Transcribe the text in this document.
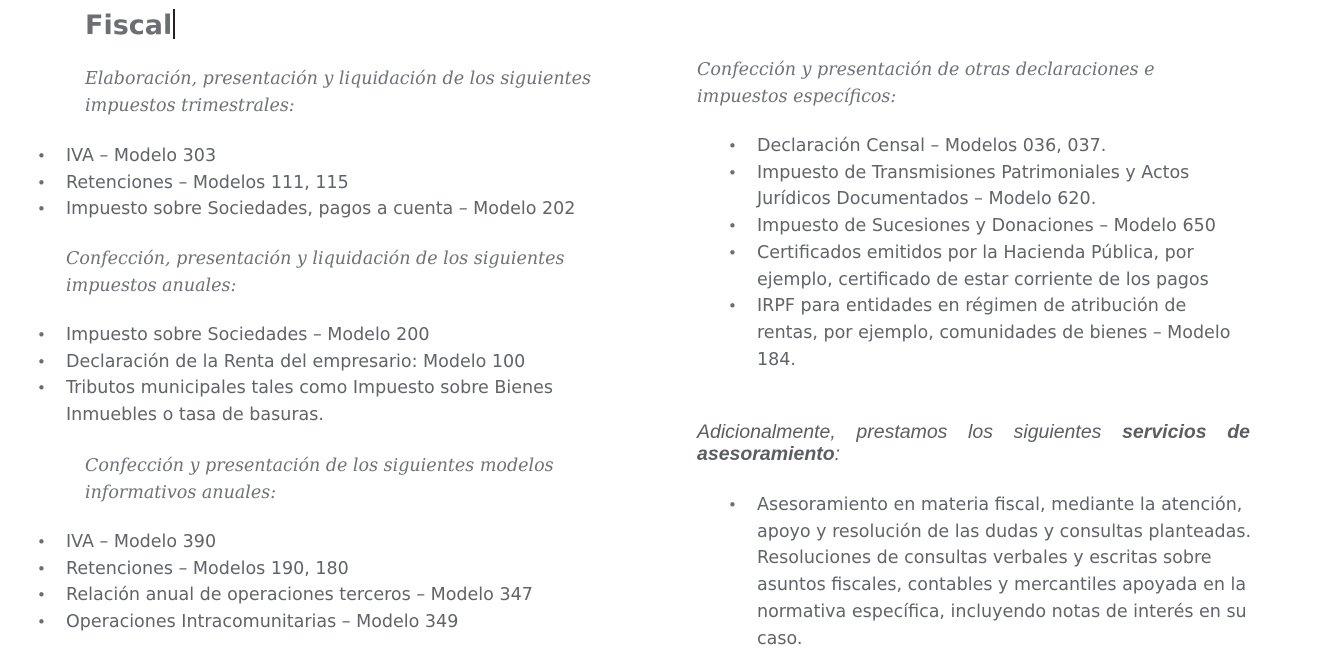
Fiscal

Elaboración, presentación y liquidación de los siguientes impuestos trimestrales:

• IVA – Modelo 303
• Retenciones – Modelos 111, 115
• Impuesto sobre Sociedades, pagos a cuenta – Modelo 202

Confección, presentación y liquidación de los siguientes impuestos anuales:

• Impuesto sobre Sociedades – Modelo 200
• Declaración de la Renta del empresario: Modelo 100
• Tributos municipales tales como Impuesto sobre Bienes Inmuebles o tasa de basuras.

Confección y presentación de los siguientes modelos informativos anuales:

• IVA – Modelo 390
• Retenciones – Modelos 190, 180
• Relación anual de operaciones terceros – Modelo 347
• Operaciones Intracomunitarias – Modelo 349

Confección y presentación de otras declaraciones e impuestos específicos:

• Declaración Censal – Modelos 036, 037.
• Impuesto de Transmisiones Patrimoniales y Actos Jurídicos Documentados – Modelo 620.
• Impuesto de Sucesiones y Donaciones – Modelo 650
• Certificados emitidos por la Hacienda Pública, por ejemplo, certificado de estar corriente de los pagos
• IRPF para entidades en régimen de atribución de rentas, por ejemplo, comunidades de bienes – Modelo 184.

Adicionalmente, prestamos los siguientes servicios de asesoramiento:

• Asesoramiento en materia fiscal, mediante la atención, apoyo y resolución de las dudas y consultas planteadas. Resoluciones de consultas verbales y escritas sobre asuntos fiscales, contables y mercantiles apoyada en la normativa específica, incluyendo notas de interés en su caso.
